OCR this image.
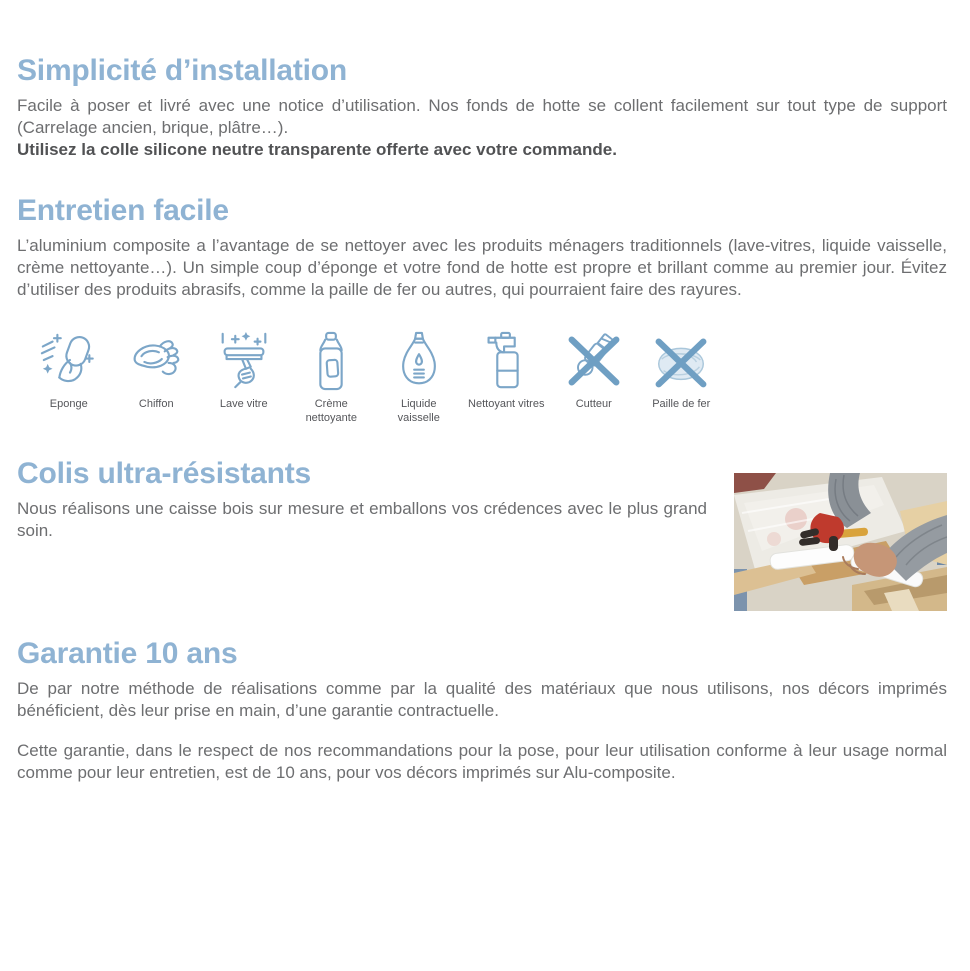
Simplicité d’installation

Facile à poser et livré avec une notice d’utilisation. Nos fonds de hotte se collent facilement sur tout type de support (Carrelage ancien, brique, plâtre…).

Utilisez la colle silicone neutre transparente offerte avec votre commande.

Entretien facile

L’aluminium composite a l’avantage de se nettoyer avec les produits ménagers traditionnels (lave-vitres, liquide vaisselle, crème nettoyante…). Un simple coup d’éponge et votre fond de hotte est propre et brillant comme au premier jour. Évitez d’utiliser des produits abrasifs, comme la paille de fer ou autres, qui pourraient faire des rayures.

Eponge	Chiffon	Lave vitre	Crème nettoyante
Liquide vaisselle
Nettoyant vitres	Cutteur	Paille de fer
Colis ultra-résistants

Nous réalisons une caisse bois sur mesure et emballons vos crédences avec le plus grand soin.

Garantie 10 ans

De par notre méthode de réalisations comme par la qualité des matériaux que nous utilisons, nos décors imprimés bénéficient, dès leur prise en main, d’une garantie contractuelle.

Cette garantie, dans le respect de nos recommandations pour la pose, pour leur utilisation conforme à leur usage normal comme pour leur entretien, est de 10 ans, pour vos décors imprimés sur Alu-composite.
